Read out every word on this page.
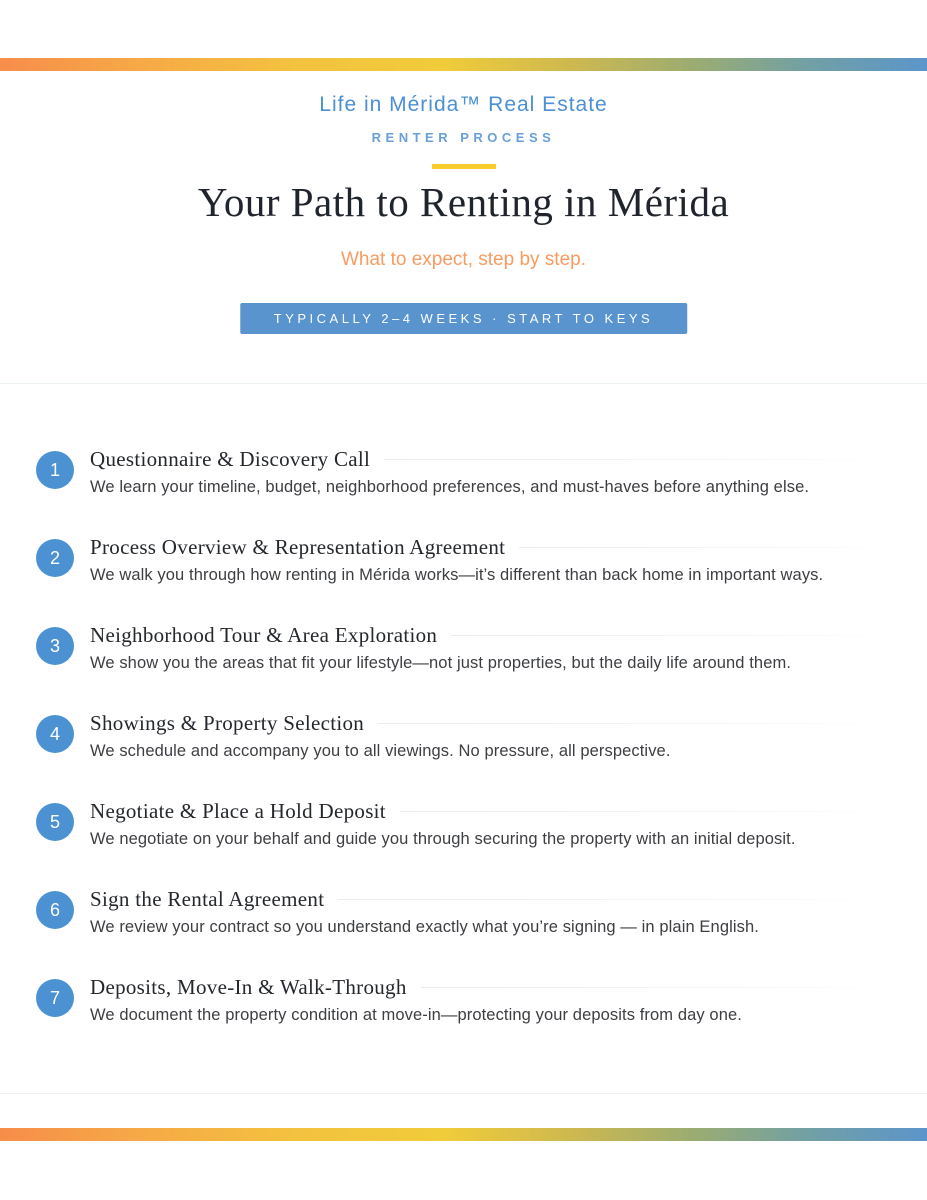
Life in Mérida™ Real Estate
RENTER PROCESS
Your Path to Renting in Mérida
What to expect, step by step.
TYPICALLY 2–4 WEEKS · START TO KEYS
1 Questionnaire & Discovery Call

We learn your timeline, budget, neighborhood preferences, and must-haves before anything else.

2 Process Overview & Representation Agreement

We walk you through how renting in Mérida works—it’s different than back home in important ways.

3 Neighborhood Tour & Area Exploration

We show you the areas that fit your lifestyle—not just properties, but the daily life around them.

4 Showings & Property Selection

We schedule and accompany you to all viewings. No pressure, all perspective.

5 Negotiate & Place a Hold Deposit

We negotiate on your behalf and guide you through securing the property with an initial deposit.

6 Sign the Rental Agreement

We review your contract so you understand exactly what you’re signing — in plain English.

7 Deposits, Move-In & Walk-Through

We document the property condition at move-in—protecting your deposits from day one.
